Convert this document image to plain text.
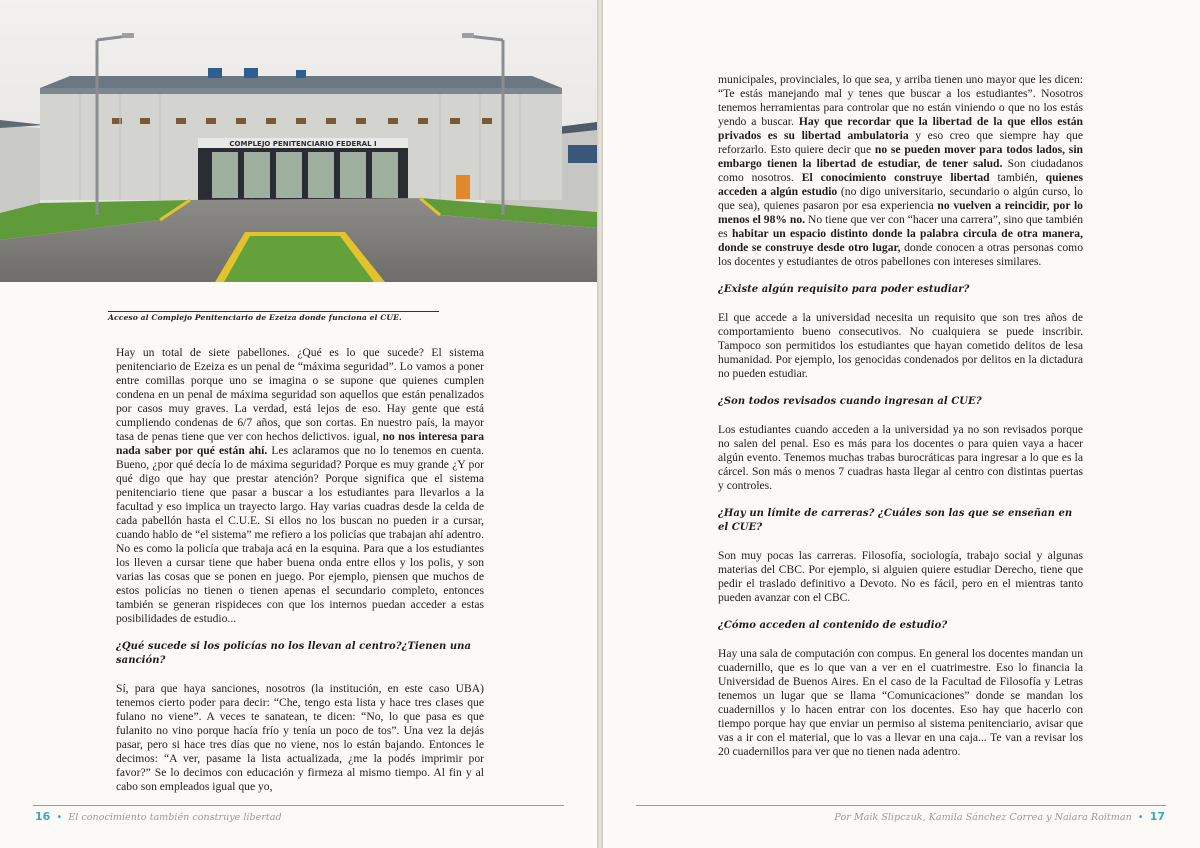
COMPLEJO PENITENCIARIO FEDERAL I
Acceso al Complejo Penitenciario de Ezeiza donde funciona el CUE.

Hay un total de siete pabellones. ¿Qué es lo que sucede? El sistema penitenciario de Ezeiza es un penal de “máxima seguridad”. Lo vamos a poner entre comillas porque uno se imagina o se supone que quienes cumplen condena en un penal de máxima seguridad son aquellos que están penalizados por casos muy graves. La verdad, está lejos de eso. Hay gente que está cumpliendo condenas de 6/7 años, que son cortas. En nuestro país, la mayor tasa de penas tiene que ver con hechos delictivos. igual, no nos interesa para nada saber por qué están ahí. Les aclaramos que no lo tenemos en cuenta. Bueno, ¿por qué decía lo de máxima seguridad? Porque es muy grande ¿Y por qué digo que hay que prestar atención? Porque significa que el sistema penitenciario tiene que pasar a buscar a los estudiantes para llevarlos a la facultad y eso implica un trayecto largo. Hay varias cuadras desde la celda de cada pabellón hasta el C.U.E. Si ellos no los buscan no pueden ir a cursar, cuando hablo de “el sistema” me refiero a los policías que trabajan ahí adentro. No es como la policía que trabaja acá en la esquina. Para que a los estudiantes los lleven a cursar tiene que haber buena onda entre ellos y los polis, y son varias las cosas que se ponen en juego. Por ejemplo, piensen que muchos de estos policías no tienen o tienen apenas el secundario completo, entonces también se generan rispideces con que los internos puedan acceder a estas posibilidades de estudio...

¿Qué sucede si los policías no los llevan al centro?¿Tienen una sanción?

Sí, para que haya sanciones, nosotros (la institución, en este caso UBA) tenemos cierto poder para decir: “Che, tengo esta lista y hace tres clases que fulano no viene”. A veces te sanatean, te dicen: “No, lo que pasa es que fulanito no vino porque hacía frío y tenía un poco de tos”. Una vez la dejás pasar, pero si hace tres días que no viene, nos lo están bajando. Entonces le decimos: “A ver, pasame la lista actualizada, ¿me la podés imprimir por favor?” Se lo decimos con educación y firmeza al mismo tiempo. Al fin y al cabo son empleados igual que yo,

16 • El conocimiento también construye libertad

municipales, provinciales, lo que sea, y arriba tienen uno mayor que les dicen: “Te estás manejando mal y tenes que buscar a los estudiantes”. Nosotros tenemos herramientas para controlar que no están viniendo o que no los estás yendo a buscar. Hay que recordar que la libertad de la que ellos están privados es su libertad ambulatoria y eso creo que siempre hay que reforzarlo. Esto quiere decir que no se pueden mover para todos lados, sin embargo tienen la libertad de estudiar, de tener salud. Son ciudadanos como nosotros. El conocimiento construye libertad también, quienes acceden a algún estudio (no digo universitario, secundario o algún curso, lo que sea), quienes pasaron por esa experiencia no vuelven a reincidir, por lo menos el 98% no. No tiene que ver con “hacer una carrera”, sino que también es habitar un espacio distinto donde la palabra circula de otra manera, donde se construye desde otro lugar, donde conocen a otras personas como los docentes y estudiantes de otros pabellones con intereses similares.

¿Existe algún requisito para poder estudiar?

El que accede a la universidad necesita un requisito que son tres años de comportamiento bueno consecutivos. No cualquiera se puede inscribir. Tampoco son permitidos los estudiantes que hayan cometido delitos de lesa humanidad. Por ejemplo, los genocidas condenados por delitos en la dictadura no pueden estudiar.

¿Son todos revisados cuando ingresan al CUE?

Los estudiantes cuando acceden a la universidad ya no son revisados porque no salen del penal. Eso es más para los docentes o para quien vaya a hacer algún evento. Tenemos muchas trabas burocráticas para ingresar a lo que es la cárcel. Son más o menos 7 cuadras hasta llegar al centro con distintas puertas y controles.

¿Hay un límite de carreras? ¿Cuáles son las que se enseñan en el CUE?

Son muy pocas las carreras. Filosofía, sociología, trabajo social y algunas materias del CBC. Por ejemplo, si alguien quiere estudiar Derecho, tiene que pedir el traslado definitivo a Devoto. No es fácil, pero en el mientras tanto pueden avanzar con el CBC.

¿Cómo acceden al contenido de estudio?

Hay una sala de computación con compus. En general los docentes mandan un cuadernillo, que es lo que van a ver en el cuatrimestre. Eso lo financia la Universidad de Buenos Aires. En el caso de la Facultad de Filosofía y Letras tenemos un lugar que se llama “Comunicaciones” donde se mandan los cuadernillos y lo hacen entrar con los docentes. Eso hay que hacerlo con tiempo porque hay que enviar un permiso al sistema penitenciario, avisar que vas a ir con el material, que lo vas a llevar en una caja... Te van a revisar los 20 cuadernillos para ver que no tienen nada adentro.

Por Maik Slipczuk, Kamila Sánchez Correa y Naiara Roitman • 17
